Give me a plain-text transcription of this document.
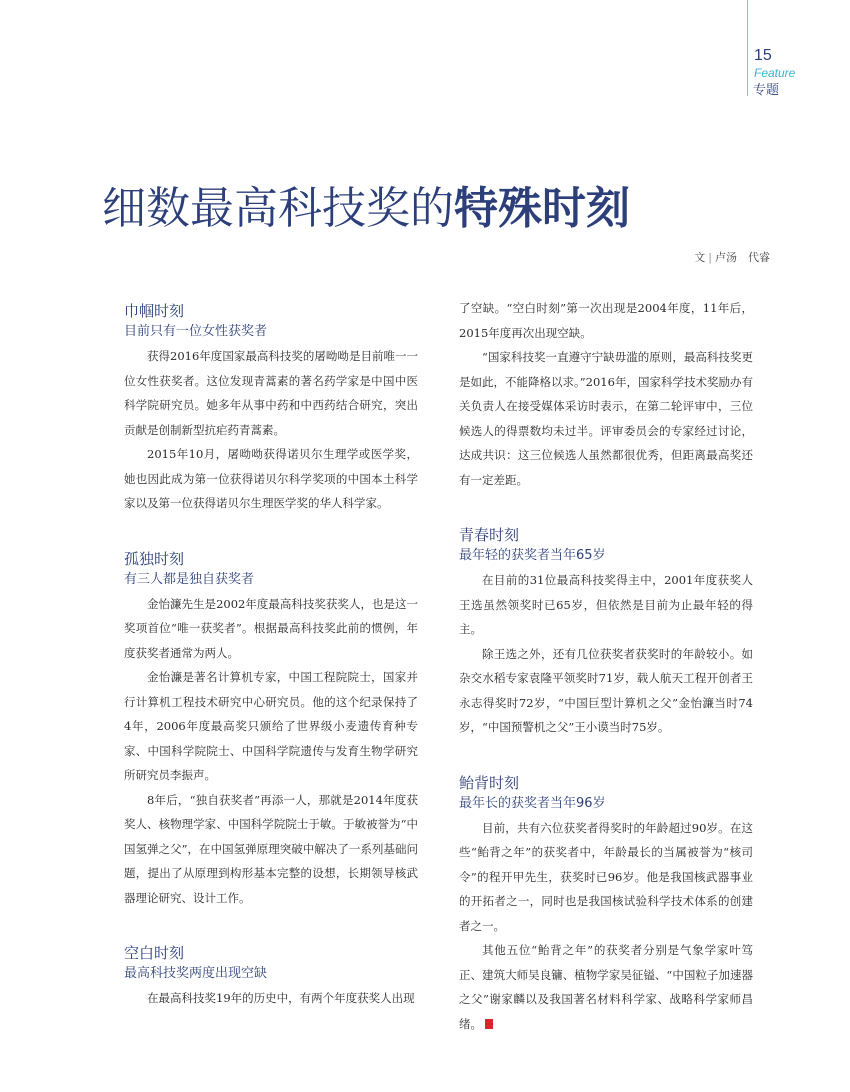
15
Feature
专题
细数最高科技奖的特殊时刻
文 | 卢汤　代睿
巾帼时刻
目前只有一位女性获奖者

获得2016年度国家最高科技奖的屠呦呦是目前唯一一位女性获奖者。这位发现青蒿素的著名药学家是中国中医科学院研究员。她多年从事中药和中西药结合研究，突出贡献是创制新型抗疟药青蒿素。

2015年10月，屠呦呦获得诺贝尔生理学或医学奖，她也因此成为第一位获得诺贝尔科学奖项的中国本土科学家以及第一位获得诺贝尔生理医学奖的华人科学家。

孤独时刻
有三人都是独自获奖者

金怡濂先生是2002年度最高科技奖获奖人，也是这一奖项首位“唯一获奖者”。根据最高科技奖此前的惯例，年度获奖者通常为两人。

金怡濂是著名计算机专家，中国工程院院士，国家并行计算机工程技术研究中心研究员。他的这个纪录保持了4年，2006年度最高奖只颁给了世界级小麦遗传育种专家、中国科学院院士、中国科学院遗传与发育生物学研究所研究员李振声。

8年后，“独自获奖者”再添一人，那就是2014年度获奖人、核物理学家、中国科学院院士于敏。于敏被誉为“中国氢弹之父”，在中国氢弹原理突破中解决了一系列基础问题，提出了从原理到构形基本完整的设想，长期领导核武器理论研究、设计工作。

空白时刻
最高科技奖两度出现空缺

在最高科技奖19年的历史中，有两个年度获奖人出现

了空缺。“空白时刻”第一次出现是2004年度，11年后，2015年度再次出现空缺。

“国家科技奖一直遵守宁缺毋滥的原则，最高科技奖更是如此，不能降格以求。”2016年，国家科学技术奖励办有关负责人在接受媒体采访时表示，在第二轮评审中，三位候选人的得票数均未过半。评审委员会的专家经过讨论，达成共识：这三位候选人虽然都很优秀，但距离最高奖还有一定差距。

青春时刻
最年轻的获奖者当年65岁

在目前的31位最高科技奖得主中，2001年度获奖人王选虽然领奖时已65岁，但依然是目前为止最年轻的得主。

除王选之外，还有几位获奖者获奖时的年龄较小。如杂交水稻专家袁隆平领奖时71岁，载人航天工程开创者王永志得奖时72岁，“中国巨型计算机之父”金怡濂当时74岁，“中国预警机之父”王小谟当时75岁。

鲐背时刻
最年长的获奖者当年96岁

目前，共有六位获奖者得奖时的年龄超过90岁。在这些“鲐背之年”的获奖者中，年龄最长的当属被誉为“核司令”的程开甲先生，获奖时已96岁。他是我国核武器事业的开拓者之一，同时也是我国核试验科学技术体系的创建者之一。

其他五位“鲐背之年”的获奖者分别是气象学家叶笃正、建筑大师吴良镛、植物学家吴征镒、“中国粒子加速器之父”谢家麟以及我国著名材料科学家、战略科学家师昌绪。
